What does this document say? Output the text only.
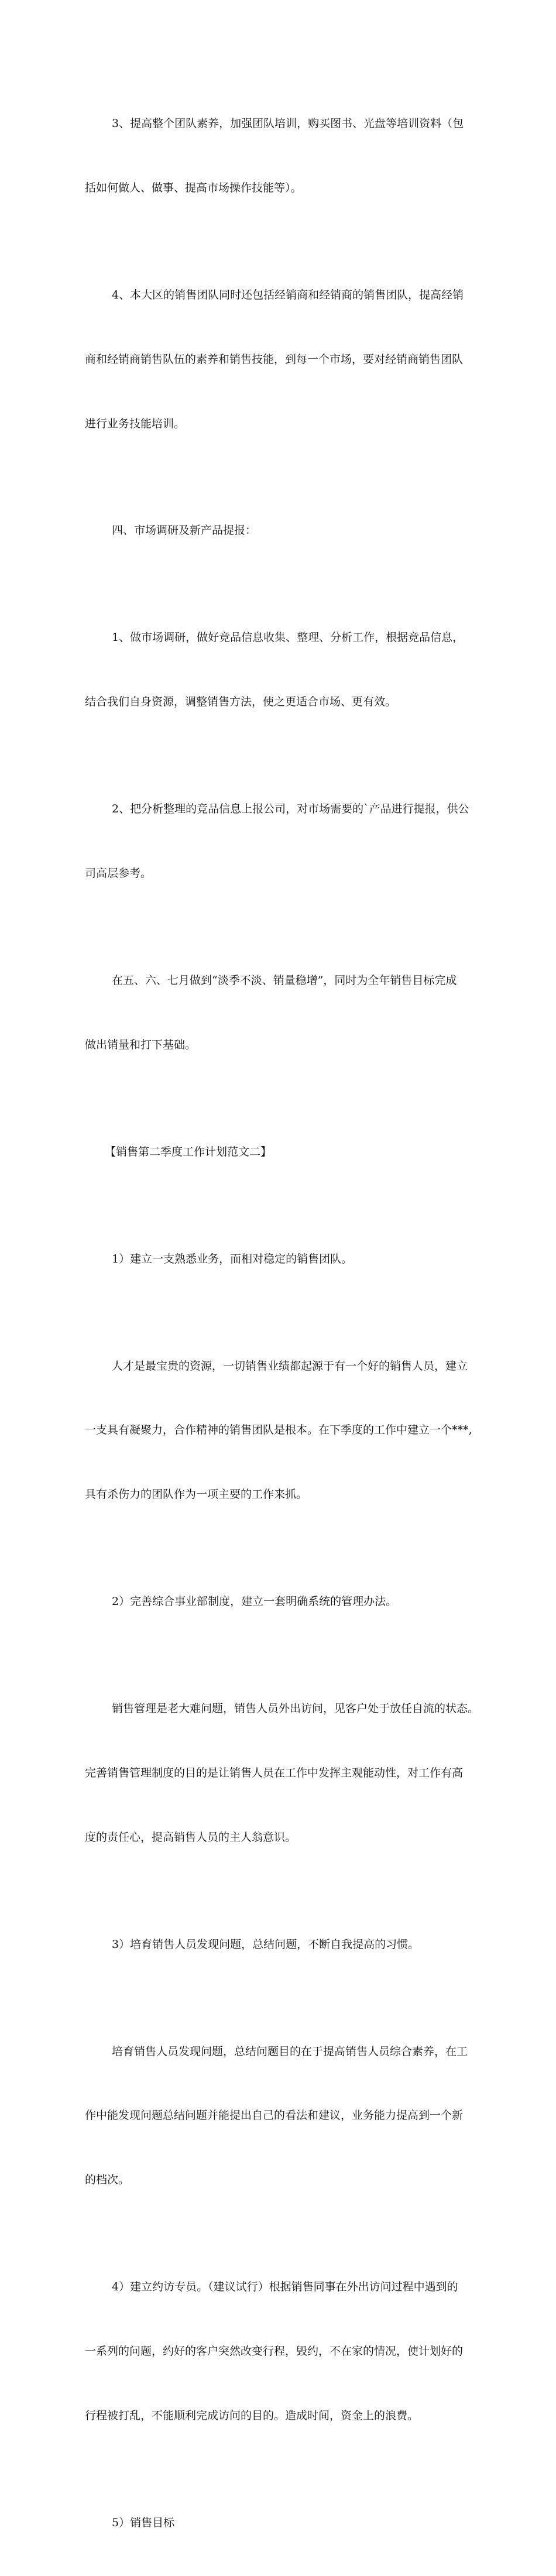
3、提高整个团队素养，加强团队培训，购买图书、光盘等培训资料（包

括如何做人、做事、提高市场操作技能等）。

4、本大区的销售团队同时还包括经销商和经销商的销售团队，提高经销

商和经销商销售队伍的素养和销售技能，到每一个市场，要对经销商销售团队

进行业务技能培训。

四、市场调研及新产品提报：

1、做市场调研，做好竞品信息收集、整理、分析工作，根据竞品信息，

结合我们自身资源，调整销售方法，使之更适合市场、更有效。

2、把分析整理的竞品信息上报公司，对市场需要的`产品进行提报，供公

司高层参考。

在五、六、七月做到“淡季不淡、销量稳增”，同时为全年销售目标完成

做出销量和打下基础。

【销售第二季度工作计划范文二】

1）建立一支熟悉业务，而相对稳定的销售团队。

人才是最宝贵的资源，一切销售业绩都起源于有一个好的销售人员，建立

一支具有凝聚力，合作精神的销售团队是根本。在下季度的工作中建立一个***,

具有杀伤力的团队作为一项主要的工作来抓。

2）完善综合事业部制度，建立一套明确系统的管理办法。

销售管理是老大难问题，销售人员外出访问，见客户处于放任自流的状态。

完善销售管理制度的目的是让销售人员在工作中发挥主观能动性，对工作有高

度的责任心，提高销售人员的主人翁意识。

3）培育销售人员发现问题，总结问题，不断自我提高的习惯。

培育销售人员发现问题，总结问题目的在于提高销售人员综合素养，在工

作中能发现问题总结问题并能提出自己的看法和建议，业务能力提高到一个新

的档次。

4）建立约访专员。（建议试行）根据销售同事在外出访问过程中遇到的

一系列的问题，约好的客户突然改变行程，毁约，不在家的情况，使计划好的

行程被打乱，不能顺利完成访问的目的。造成时间，资金上的浪费。

5）销售目标
